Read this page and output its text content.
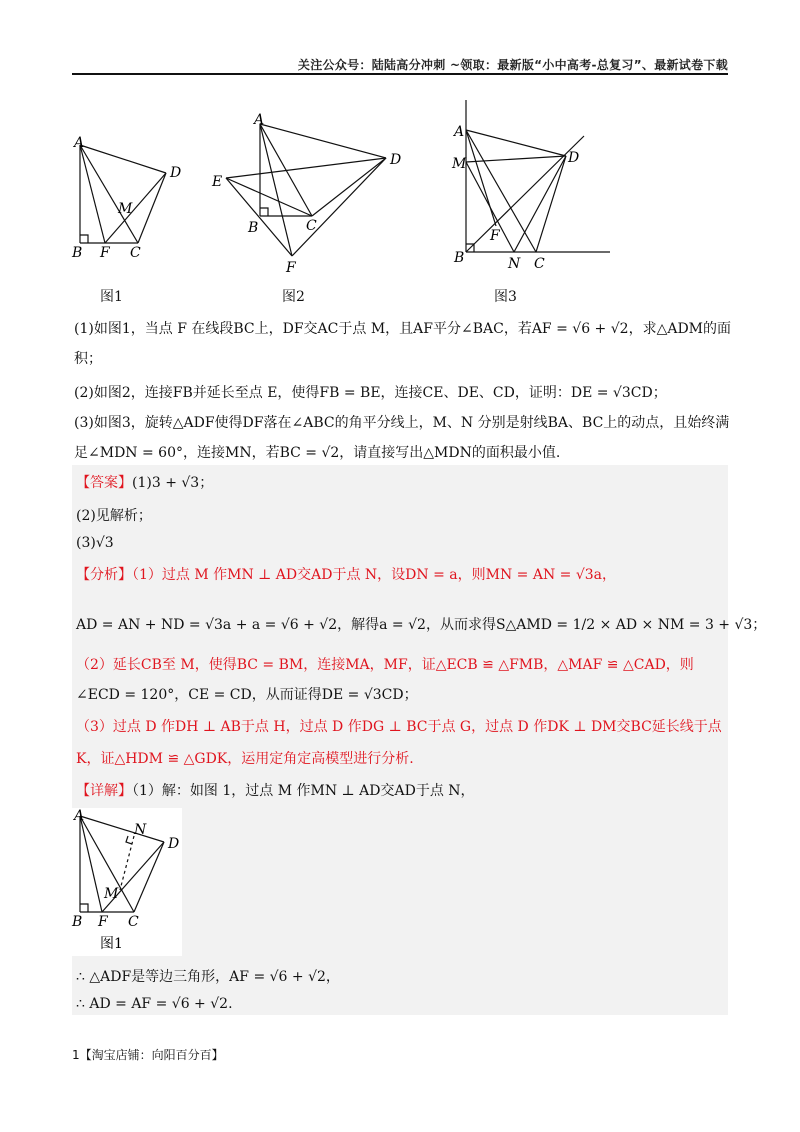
关注公众号：陆陆高分冲刺 ~领取：最新版“小中高考-总复习”、最新试卷下载
A
D
M
B F C
图1
A
D
E
B	C
F
图2
A
M	D
F
B	N C
图3
(1)如图1，当点 F 在线段BC上，DF交AC于点 M，且AF平分∠BAC，若AF = √6 + √2，求△ADM的面积；
(2)如图2，连接FB并延长至点 E，使得FB = BE，连接CE、DE、CD，证明：DE = √3CD；
(3)如图3，旋转△ADF使得DF落在∠ABC的角平分线上，M、N 分别是射线BA、BC上的动点，且始终满足∠MDN = 60°，连接MN，若BC = √2，请直接写出△MDN的面积最小值.
【答案】(1)3 + √3；
(2)见解析；
(3)√3
【分析】（1）过点 M 作MN ⊥ AD交AD于点 N，设DN = a，则MN = AN = √3a，
AD = AN + ND = √3a + a = √6 + √2，解得a = √2，从而求得S△AMD = 1/2 × AD × NM = 3 + √3；
（2）延长CB至 M，使得BC = BM，连接MA，MF，证△ECB ≌ △FMB，△MAF ≌ △CAD，则
∠ECD = 120°，CE = CD，从而证得DE = √3CD；
（3）过点 D 作DH ⊥ AB于点 H，过点 D 作DG ⊥ BC于点 G，过点 D 作DK ⊥ DM交BC延长线于点
K，证△HDM ≌ △GDK，运用定角定高模型进行分析.
【详解】（1）解：如图 1，过点 M 作MN ⊥ AD交AD于点 N，
A
N
D
M
B F C
图1
∴ △ADF是等边三角形，AF = √6 + √2，
∴ AD = AF = √6 + √2.
1【淘宝店铺：向阳百分百】
